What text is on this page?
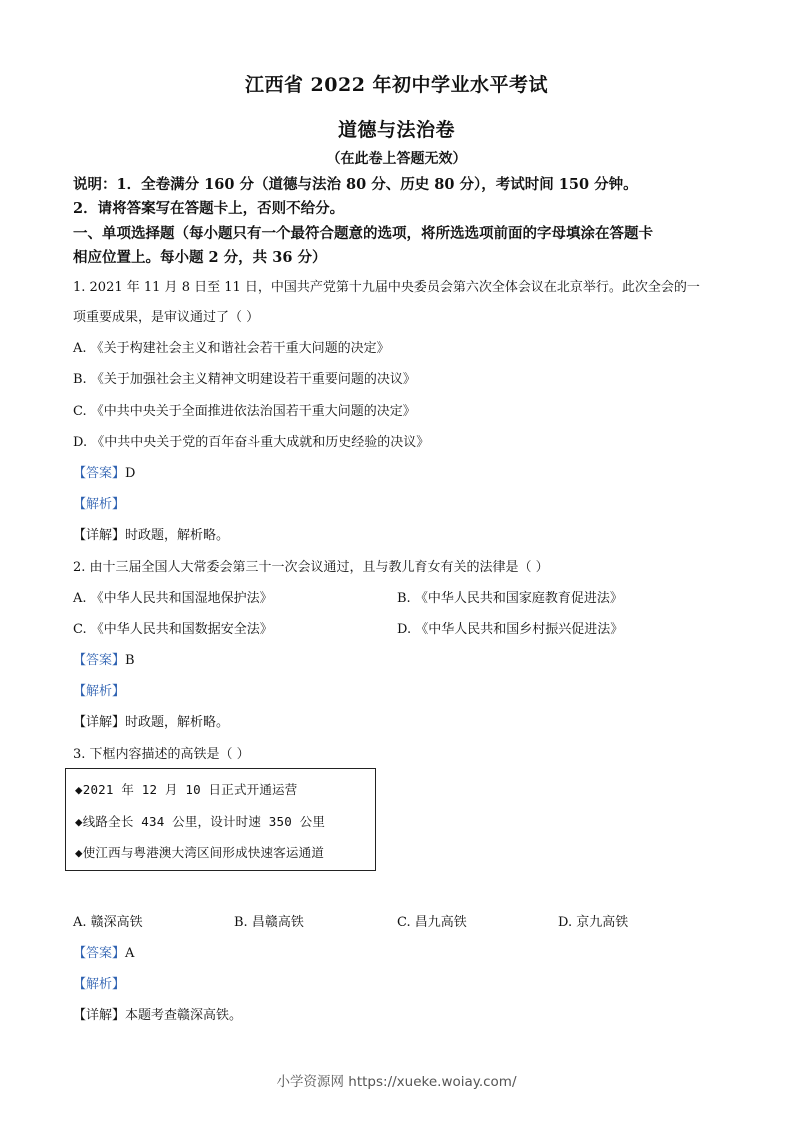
江西省 2022 年初中学业水平考试
道德与法治卷
（在此卷上答题无效）
说明：1．全卷满分 160 分（道德与法治 80 分、历史 80 分），考试时间 150 分钟。
2．请将答案写在答题卡上，否则不给分。
一、单项选择题（每小题只有一个最符合题意的选项，将所选选项前面的字母填涂在答题卡
相应位置上。每小题 2 分，共 36 分）
1. 2021 年 11 月 8 日至 11 日，中国共产党第十九届中央委员会第六次全体会议在北京举行。此次全会的一
项重要成果，是审议通过了（ ）
A. 《关于构建社会主义和谐社会若干重大问题的决定》
B. 《关于加强社会主义精神文明建设若干重要问题的决议》
C. 《中共中央关于全面推进依法治国若干重大问题的决定》
D. 《中共中央关于党的百年奋斗重大成就和历史经验的决议》
【答案】D
【解析】
【详解】时政题，解析略。
2. 由十三届全国人大常委会第三十一次会议通过，且与教儿育女有关的法律是（ ）
A. 《中华人民共和国湿地保护法》	B. 《中华人民共和国家庭教育促进法》
C. 《中华人民共和国数据安全法》	D. 《中华人民共和国乡村振兴促进法》
【答案】B
【解析】
【详解】时政题，解析略。
3. 下框内容描述的高铁是（ ）
◆2021 年 12 月 10 日正式开通运营
◆线路全长 434 公里，设计时速 350 公里
◆使江西与粤港澳大湾区间形成快速客运通道
A. 赣深高铁	B. 昌赣高铁	C. 昌九高铁	D. 京九高铁
【答案】A
【解析】
【详解】本题考查赣深高铁。
小学资源网 https://xueke.woiay.com/
